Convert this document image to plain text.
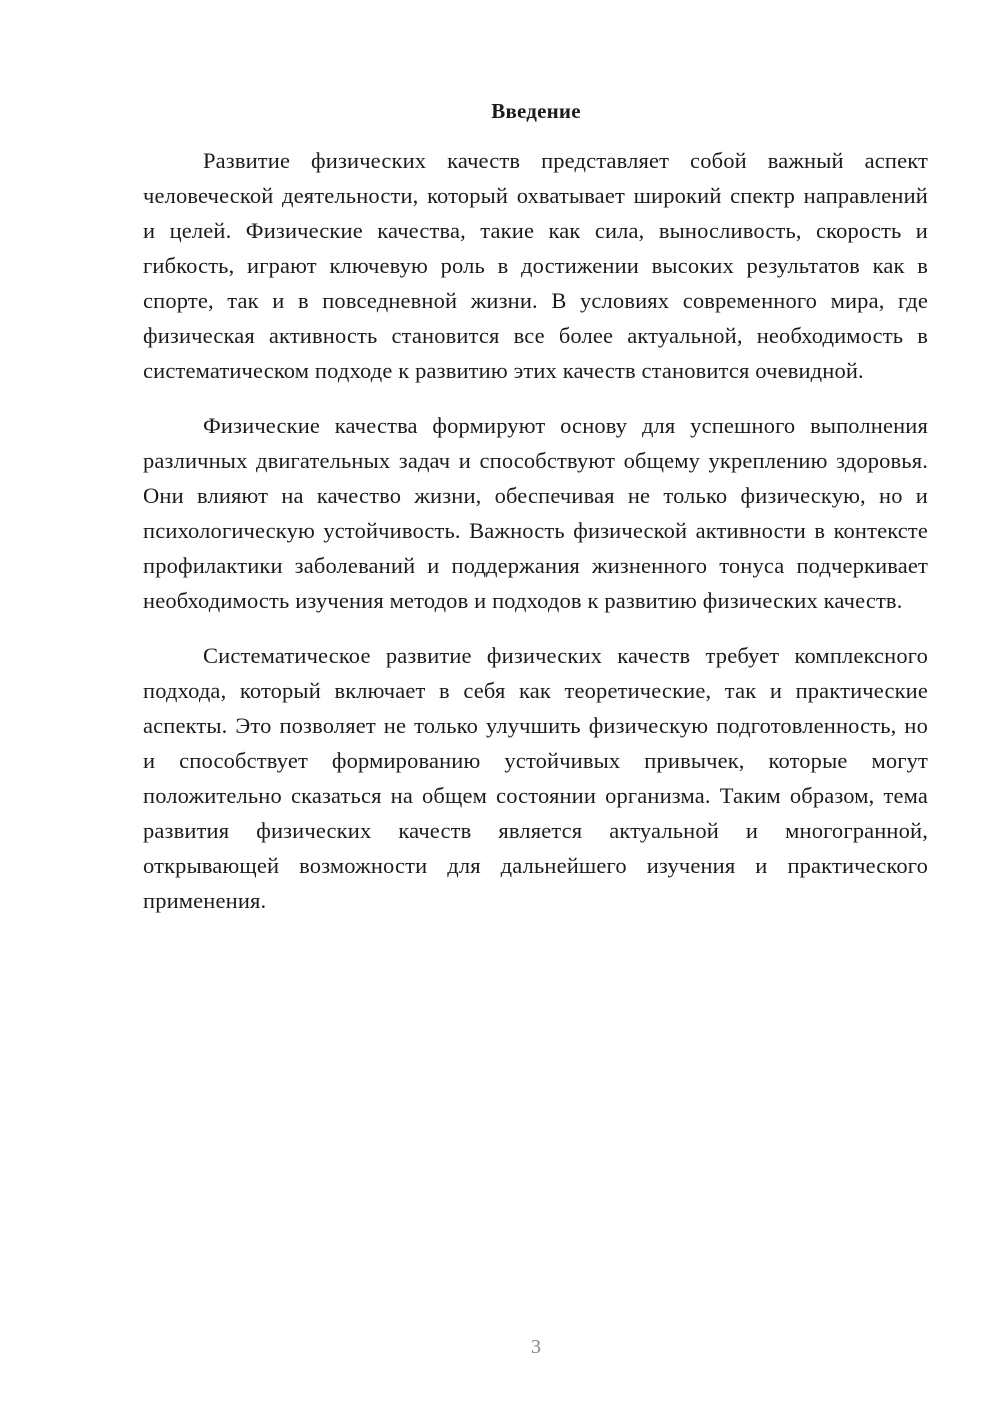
Введение

Развитие физических качеств представляет собой важный аспект человеческой деятельности, который охватывает широкий спектр направлений и целей. Физические качества, такие как сила, выносливость, скорость и гибкость, играют ключевую роль в достижении высоких результатов как в спорте, так и в повседневной жизни. В условиях современного мира, где физическая активность становится все более актуальной, необходимость в систематическом подходе к развитию этих качеств становится очевидной.

Физические качества формируют основу для успешного выполнения различных двигательных задач и способствуют общему укреплению здоровья. Они влияют на качество жизни, обеспечивая не только физическую, но и психологическую устойчивость. Важность физической активности в контексте профилактики заболеваний и поддержания жизненного тонуса подчеркивает необходимость изучения методов и подходов к развитию физических качеств.

Систематическое развитие физических качеств требует комплексного подхода, который включает в себя как теоретические, так и практические аспекты. Это позволяет не только улучшить физическую подготовленность, но и способствует формированию устойчивых привычек, которые могут положительно сказаться на общем состоянии организма. Таким образом, тема развития физических качеств является актуальной и многогранной, открывающей возможности для дальнейшего изучения и практического применения.

3
